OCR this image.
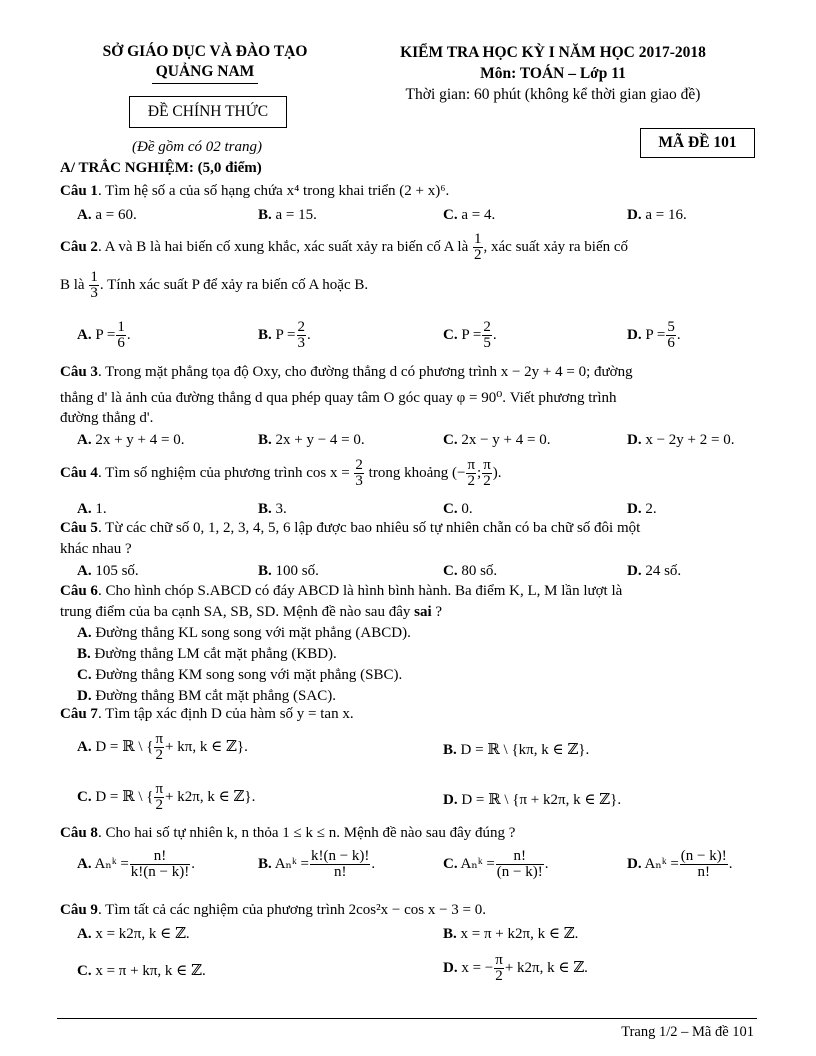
SỞ GIÁO DỤC VÀ ĐÀO TẠO
QUẢNG NAM
ĐỀ CHÍNH THỨC
(Đề gồm có 02 trang)
KIỂM TRA HỌC KỲ I NĂM HỌC 2017-2018
Môn: TOÁN – Lớp 11
Thời gian: 60 phút (không kể thời gian giao đề)
MÃ ĐỀ 101
A/ TRẮC NGHIỆM: (5,0 điểm)
Câu 1. Tìm hệ số a của số hạng chứa x⁴ trong khai triển (2 + x)⁶.
A. a = 60.	B. a = 15.	C. a = 4.	D. a = 16.
Câu 2. A và B là hai biến cố xung khắc, xác suất xảy ra biến cố A là $\frac{1}{2}$ , xác suất xảy ra biến cố
B là $\frac{1}{3}$ . Tính xác suất P để xảy ra biến cố A hoặc B.
A. $P = \frac{1}{6}$ .	B. $P = \frac{2}{3}$ .	C. $P = \frac{2}{5}$ .	D. $P = \frac{5}{6}$ .
Câu 3. Trong mặt phẳng tọa độ Oxy, cho đường thẳng d có phương trình x − 2y + 4 = 0; đường
thẳng d' là ảnh của đường thẳng d qua phép quay tâm O góc quay φ = 90⁰. Viết phương trình
đường thẳng d'.
A. 2x + y + 4 = 0.	B. 2x + y − 4 = 0.	C. 2x − y + 4 = 0.	D. x − 2y + 2 = 0.
Câu 4. Tìm số nghiệm của phương trình $\cos x = \frac{2}{3}$ trong khoảng (− $\frac{\pi}{2}$ ; $\frac{\pi}{2}$ ).
A. 1.	B. 3.	C. 0.	D. 2.
Câu 5. Từ các chữ số 0, 1, 2, 3, 4, 5, 6 lập được bao nhiêu số tự nhiên chẵn có ba chữ số đôi một
khác nhau ?
A. 105 số.	B. 100 số.	C. 80 số.	D. 24 số.
Câu 6. Cho hình chóp S.ABCD có đáy ABCD là hình bình hành. Ba điểm K, L, M lần lượt là
trung điểm của ba cạnh SA, SB, SD. Mệnh đề nào sau đây sai ?
A. Đường thẳng KL song song với mặt phẳng (ABCD).
B. Đường thẳng LM cắt mặt phẳng (KBD).
C. Đường thẳng KM song song với mặt phẳng (SBC).
D. Đường thẳng BM cắt mặt phẳng (SAC).
Câu 7. Tìm tập xác định D của hàm số y = tan x.
A. D = ℝ \ { $\frac{\pi}{2} + k\pi$, k ∈ ℤ}.	B. D = ℝ \ {kπ, k ∈ ℤ}.
C. D = ℝ \ { $\frac{\pi}{2} + k2\pi$, k ∈ ℤ}.	D. D = ℝ \ {π + k2π, k ∈ ℤ}.
Câu 8. Cho hai số tự nhiên k, n thỏa 1 ≤ k ≤ n. Mệnh đề nào sau đây đúng ?
A. Aₙᵏ = $\frac{n!}{k!(n - k)!}$ .	B. Aₙᵏ = $\frac{k!(n - k)!}{n!}$ .	C. Aₙᵏ = $\frac{n!}{(n - k)!}$ .	D. Aₙᵏ = $\frac{(n - k)!}{n!}$ .
Câu 9. Tìm tất cả các nghiệm của phương trình 2cos²x − cos x − 3 = 0.
A. x = k2π, k ∈ ℤ.	B. x = π + k2π, k ∈ ℤ.
C. x = π + kπ, k ∈ ℤ.	D. x = − $\frac{\pi}{2} + k2\pi$, k ∈ ℤ.
Trang 1/2 – Mã đề 101
